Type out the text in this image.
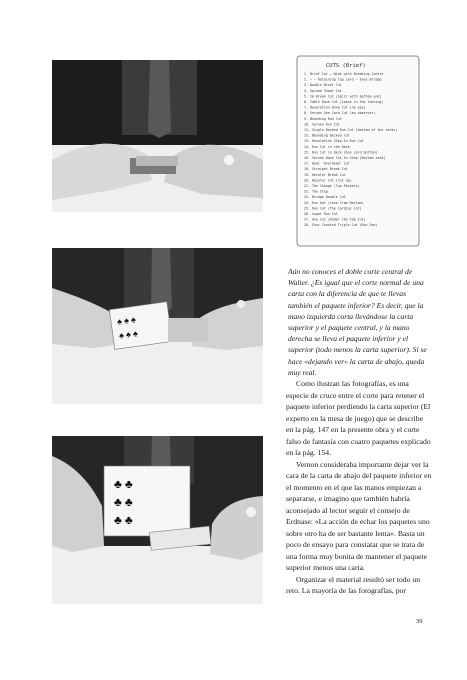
♠ ♠ ♠
♠ ♠ ♠
♣ ♣
♣ ♣
♣ ♣
CUTS (Brief)
1. Brief Cut — Wide with Breaking Centre
2. — — Retaining top card — Even Bridge
3. Double Brief Cut
4. Spread Shoot Cut
5. Im Break Cut (Split with bottom end)
6. Table Dove Cut (Loose in the running)
7. Revelation Dove Cut (no pip)
8. Vernon One Card Cut (an observer)
9. Bounding Run Cut
10. Vernon Run Cut
11. Single Decked Run Cut (bottom of the cards)
12. Bounding Decked Cut
13. Revelation Step-In Run Cut
14. Run Cut in the Deck
15. Run Cut in Deck (Run card bottom)
16. Vernon Dove Cut to Stop (Bottom card)
17. Deal 'Overhead' Cut
18. Straight Break Cut
19. Heckler Break Cut
20. Heckler Cut (Cut up)
21. The Change (Two Packets)
22. The Step
23. Bridge Double Cut
24. Run Out (Lose from Bottom)
25. Run Cut (The cardiac cut)
26. Lower Run Cut
27. Ace Cut (Under the Tab Cut)
28. Four Counted Triple Cut (Run Fan)

Aún no conoces el doble corte central de Walter. ¿Es igual que el corte normal de una carta con la diferencia de que te llevas también el paquete inferior? Es decir, que la mano izquierda corta llevándose la carta superior y el paquete central, y la mano derecha se lleva el paquete inferior y el superior (todo menos la carta superior). Si se hace «dejando ver» la carta de abajo, queda muy real.

Como ilustran las fotografías, es una especie de cruce entre el corte para retener el paquete inferior perdiendo la carta superior (El experto en la mesa de juego) que se describe en la pág. 147 en la presente obra y el corte falso de fantasía con cuatro paquetes explicado en la pág. 154.

Vernon consideraba importante dejar ver la cara de la carta de abajo del paquete inferior en el momento en el que las manos empiezan a separarse, e imagino que también habría aconsejado al lector seguir el consejo de Erdnase: «La acción de echar los paquetes uno sobre otro ha de ser bastante lenta». Basta un poco de ensayo para constatar que se trata de una forma muy bonita de mantener el paquete superior menos una carta.

Organizar el material resultó ser todo un reto. La mayoría de las fotografías, por

39
